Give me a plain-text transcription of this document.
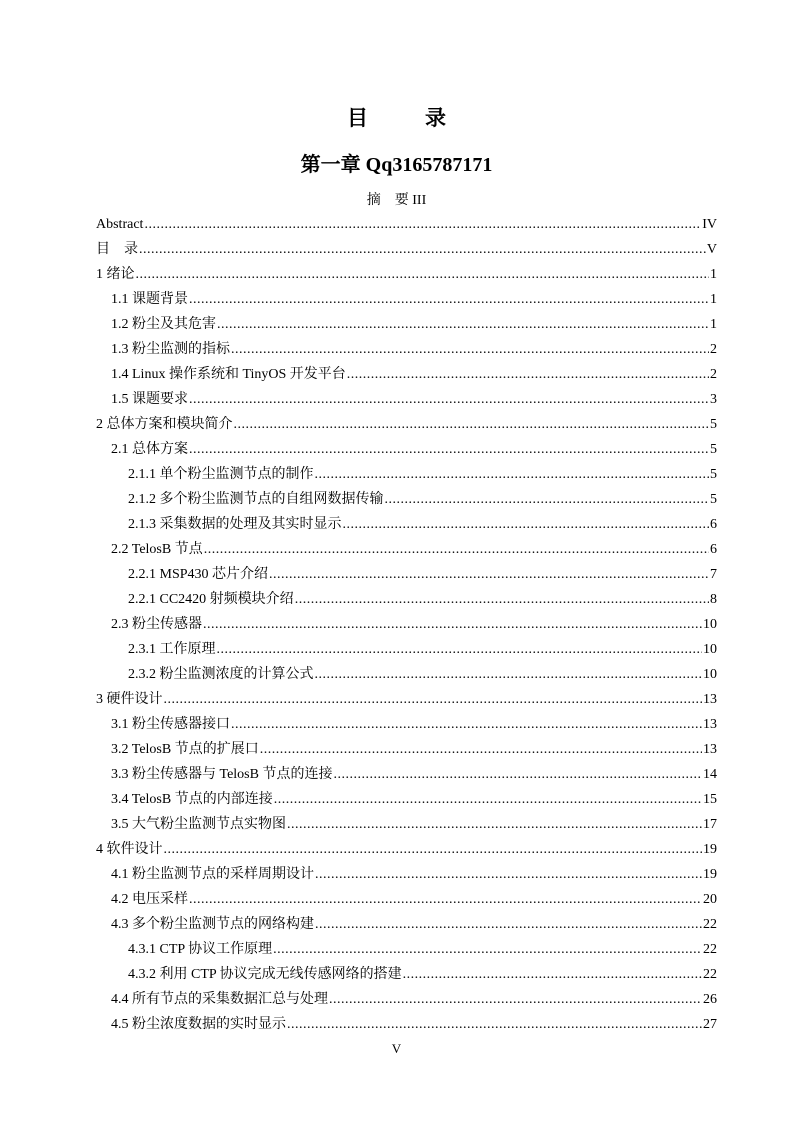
目　录
第一章 Qq3165787171
摘　要 III
Abstract .....	IV
目　录 .....	V
1 绪论 .....	1
1.1 课题背景 .....	1
1.2 粉尘及其危害 .....	1
1.3 粉尘监测的指标 .....	2
1.4 Linux 操作系统和 TinyOS 开发平台 .....	2
1.5 课题要求 .....	3
2 总体方案和模块简介 .....	5
2.1 总体方案 .....	5
2.1.1 单个粉尘监测节点的制作 .....	5
2.1.2 多个粉尘监测节点的自组网数据传输 .....	5
2.1.3 采集数据的处理及其实时显示 .....	6
2.2 TelosB 节点 .....	6
2.2.1 MSP430 芯片介绍 .....	7
2.2.1 CC2420 射频模块介绍 .....	8
2.3 粉尘传感器 .....	10
2.3.1 工作原理 .....	10
2.3.2 粉尘监测浓度的计算公式 .....	10
3 硬件设计 .....	13
3.1 粉尘传感器接口 .....	13
3.2 TelosB 节点的扩展口 .....	13
3.3 粉尘传感器与 TelosB 节点的连接 .....	14
3.4 TelosB 节点的内部连接 .....	15
3.5 大气粉尘监测节点实物图 .....	17
4 软件设计 .....	19
4.1 粉尘监测节点的采样周期设计 .....	19
4.2 电压采样 .....	20
4.3 多个粉尘监测节点的网络构建 .....	22
4.3.1 CTP 协议工作原理 .....	22
4.3.2 利用 CTP 协议完成无线传感网络的搭建 .....	22
4.4 所有节点的采集数据汇总与处理 .....	26
4.5 粉尘浓度数据的实时显示 .....	27
V
